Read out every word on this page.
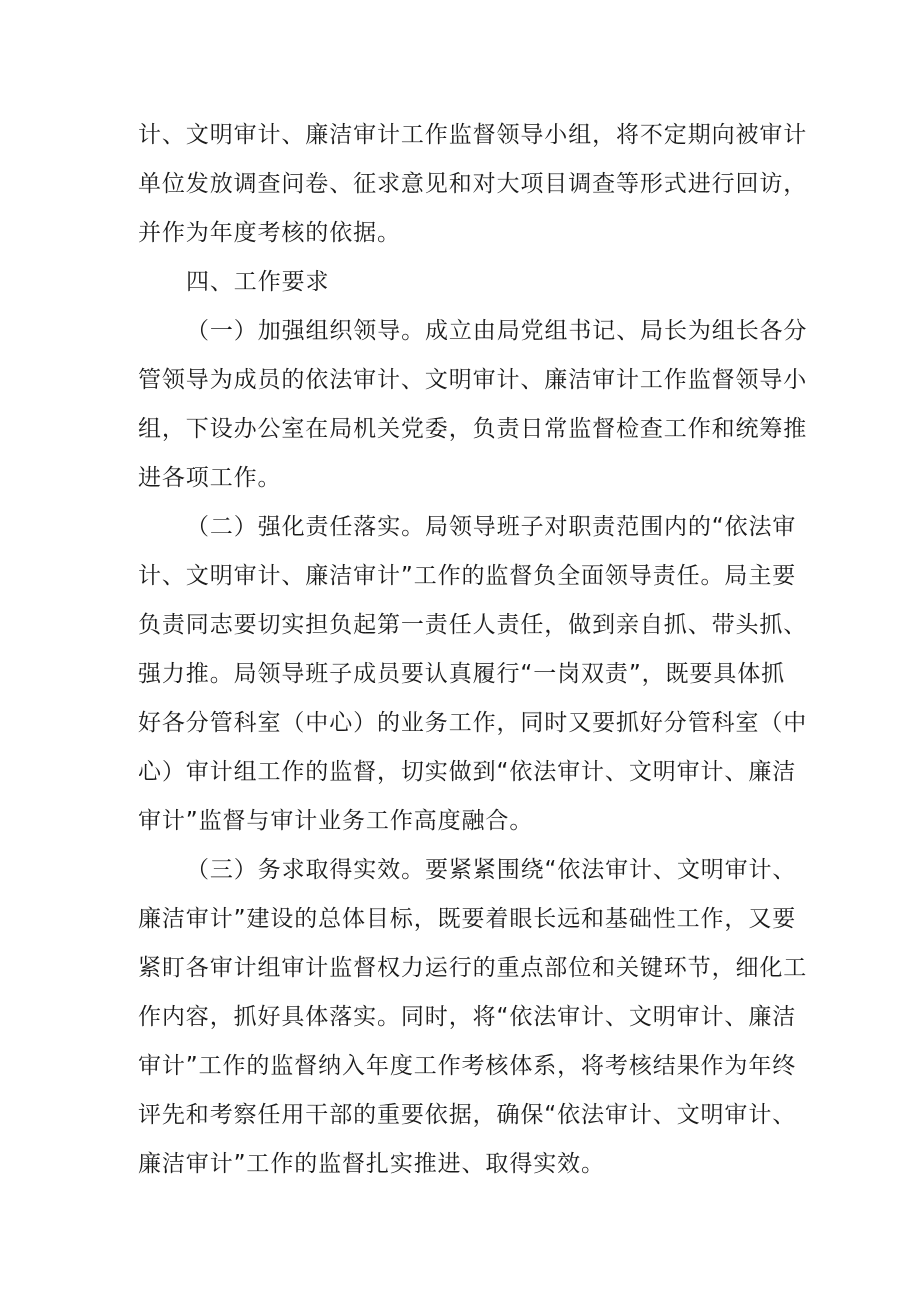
计、文明审计、廉洁审计工作监督领导小组，将不定期向被审计
单位发放调查问卷、征求意见和对大项目调查等形式进行回访，
并作为年度考核的依据。
四、工作要求
（一）加强组织领导。成立由局党组书记、局长为组长各分
管领导为成员的依法审计、文明审计、廉洁审计工作监督领导小
组，下设办公室在局机关党委，负责日常监督检查工作和统筹推
进各项工作。
（二）强化责任落实。局领导班子对职责范围内的“依法审
计、文明审计、廉洁审计”工作的监督负全面领导责任。局主要
负责同志要切实担负起第一责任人责任，做到亲自抓、带头抓、
强力推。局领导班子成员要认真履行“一岗双责”，既要具体抓
好各分管科室（中心）的业务工作，同时又要抓好分管科室（中
心）审计组工作的监督，切实做到“依法审计、文明审计、廉洁
审计”监督与审计业务工作高度融合。
（三）务求取得实效。要紧紧围绕“依法审计、文明审计、
廉洁审计”建设的总体目标，既要着眼长远和基础性工作，又要
紧盯各审计组审计监督权力运行的重点部位和关键环节，细化工
作内容，抓好具体落实。同时，将“依法审计、文明审计、廉洁
审计”工作的监督纳入年度工作考核体系，将考核结果作为年终
评先和考察任用干部的重要依据，确保“依法审计、文明审计、
廉洁审计”工作的监督扎实推进、取得实效。
